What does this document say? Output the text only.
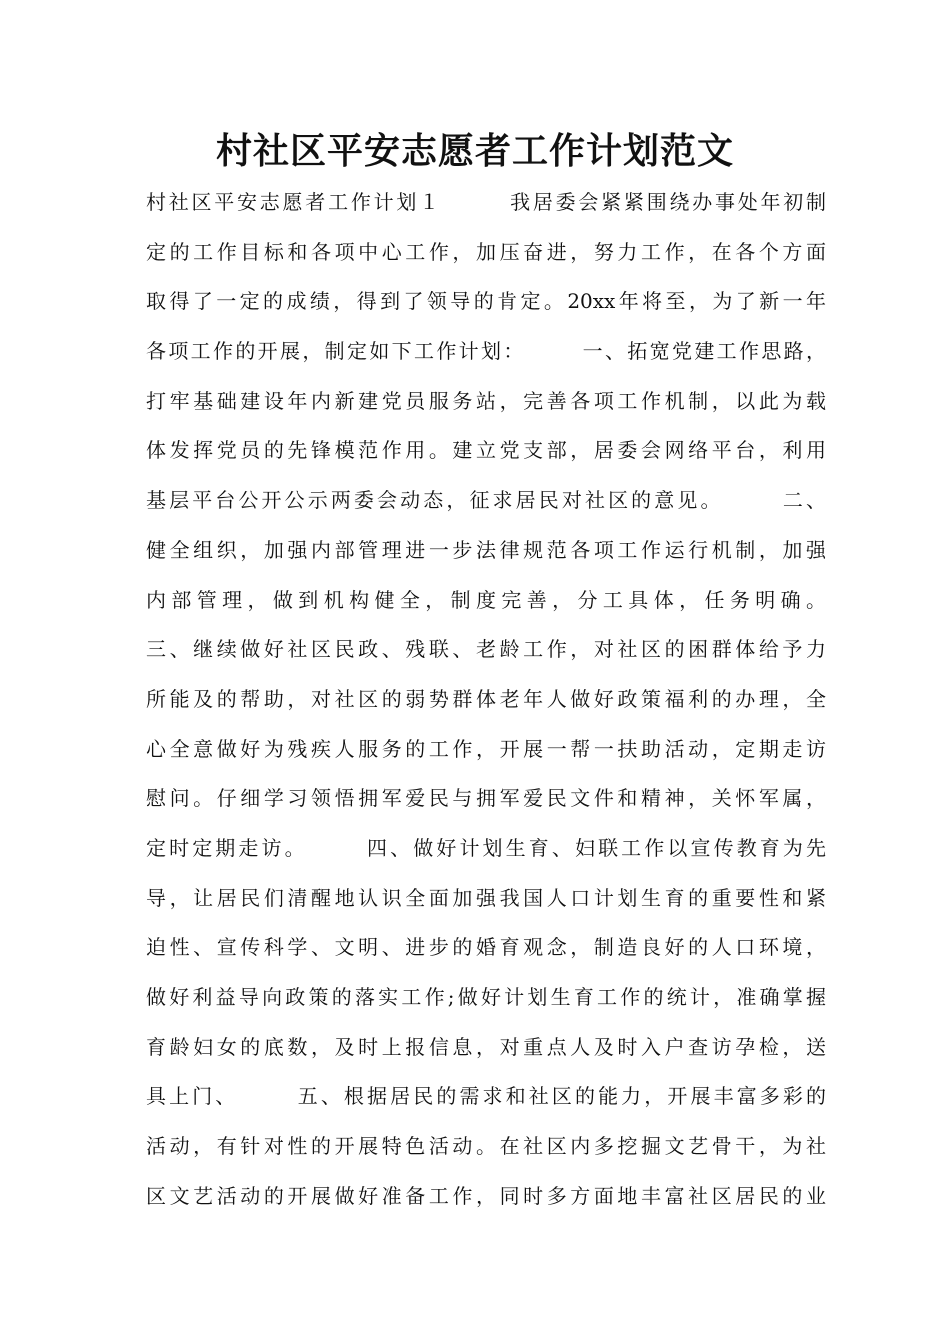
村社区平安志愿者工作计划范文
村社区平安志愿者工作计划１　　　我居委会紧紧围绕办事处年初制
定的工作目标和各项中心工作，加压奋进，努力工作，在各个方面
取得了一定的成绩，得到了领导的肯定。20xx年将至，为了新一年
各项工作的开展，制定如下工作计划：　　　一、拓宽党建工作思路，
打牢基础建设年内新建党员服务站，完善各项工作机制，以此为载
体发挥党员的先锋模范作用。建立党支部，居委会网络平台，利用
基层平台公开公示两委会动态，征求居民对社区的意见。　　　二、
健全组织，加强内部管理进一步法律规范各项工作运行机制，加强
内部管理，做到机构健全，制度完善，分工具体，任务明确。
三、继续做好社区民政、残联、老龄工作，对社区的困群体给予力
所能及的帮助，对社区的弱势群体老年人做好政策福利的办理，全
心全意做好为残疾人服务的工作，开展一帮一扶助活动，定期走访
慰问。仔细学习领悟拥军爱民与拥军爱民文件和精神，关怀军属，
定时定期走访。　　　四、做好计划生育、妇联工作以宣传教育为先
导，让居民们清醒地认识全面加强我国人口计划生育的重要性和紧
迫性、宣传科学、文明、进步的婚育观念，制造良好的人口环境，
做好利益导向政策的落实工作;做好计划生育工作的统计，准确掌握
育龄妇女的底数，及时上报信息，对重点人及时入户查访孕检，送
具上门、　　　五、根据居民的需求和社区的能力，开展丰富多彩的
活动，有针对性的开展特色活动。在社区内多挖掘文艺骨干，为社
区文艺活动的开展做好准备工作，同时多方面地丰富社区居民的业
